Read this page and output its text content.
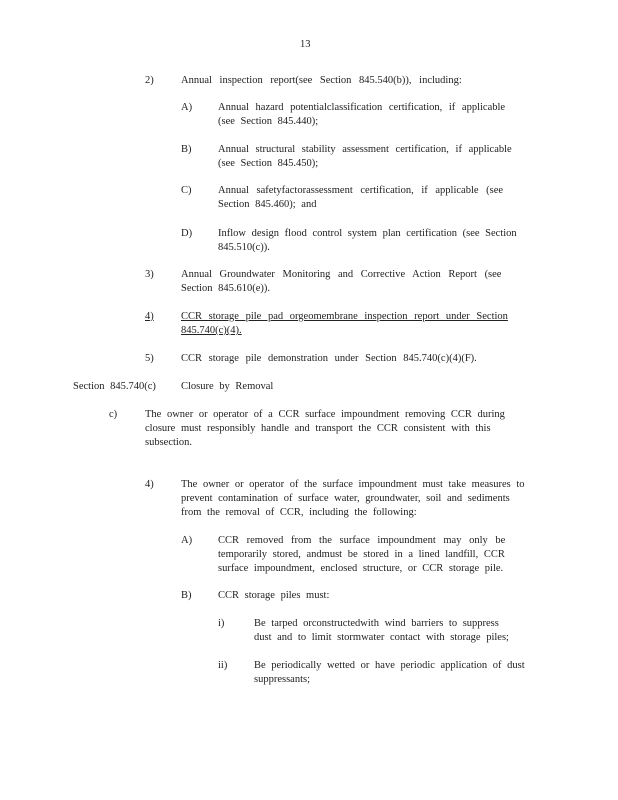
13
2)	Annual inspection report(see Section 845.540(b)), including:
A) Annual hazard potentialclassification certification, if applicable
(see Section 845.440);
B)	Annual structural stability assessment certification, if applicable
(see Section 845.450);
C)	Annual safetyfactorassessment certification, if applicable (see
Section 845.460); and
D) Inflow design flood control system plan certification (see Section
845.510(c)).
3)	Annual Groundwater Monitoring and Corrective Action Report (see
Section 845.610(e)).
4)	CCR storage pile pad orgeomembrane inspection report under Section
845.740(c)(4).
5)	CCR storage pile demonstration under Section 845.740(c)(4)(F).
Section 845.740(c) Closure by Removal
c)	The owner or operator of a CCR surface impoundment removing CCR during
closure must responsibly handle and transport the CCR consistent with this
subsection.
4)	The owner or operator of the surface impoundment must take measures to
prevent contamination of surface water, groundwater, soil and sediments
from the removal of CCR, including the following:
A) CCR removed from the surface impoundment may only be
temporarily stored, andmust be stored in a lined landfill, CCR
surface impoundment, enclosed structure, or CCR storage pile.
B)	CCR storage piles must:
i)	Be tarped orconstructedwith wind barriers to suppress
dust and to limit stormwater contact with storage piles;
ii)	Be periodically wetted or have periodic application of dust
suppressants;
